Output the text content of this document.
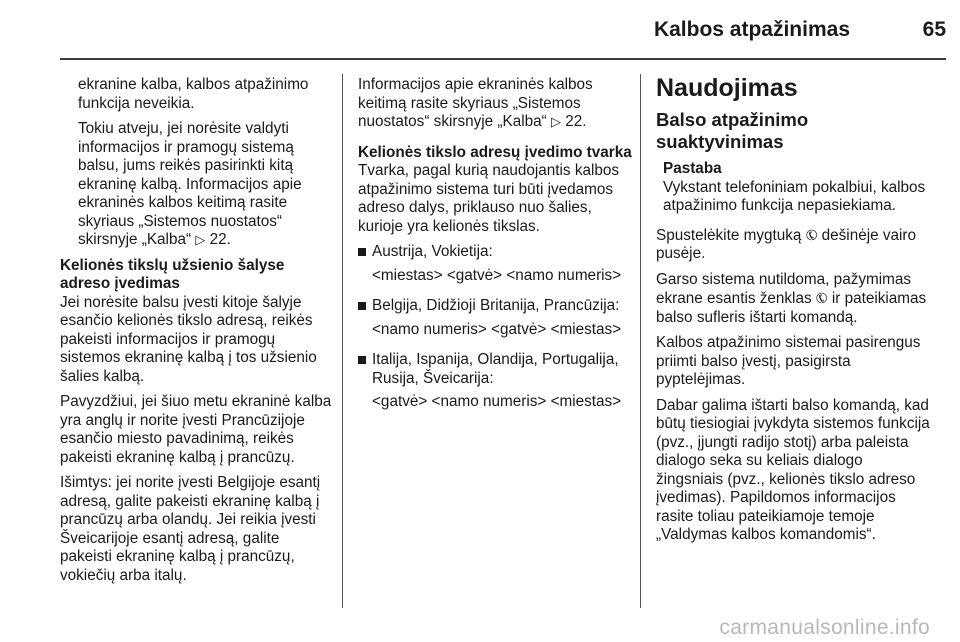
Kalbos atpažinimas	65

ekranine kalba, kalbos atpažinimo funkcija neveikia.

Tokiu atveju, jei norėsite valdyti informacijos ir pramogų sistemą balsu, jums reikės pasirinkti kitą ekraninę kalbą. Informacijos apie ekraninės kalbos keitimą rasite skyriaus „Sistemos nuostatos“ skirsnyje „Kalba“ ▷ 22.

Kelionės tikslų užsienio šalyse adreso įvedimas

Jei norėsite balsu įvesti kitoje šalyje esančio kelionės tikslo adresą, reikės pakeisti informacijos ir pramogų sistemos ekraninę kalbą į tos užsienio šalies kalbą.

Pavyzdžiui, jei šiuo metu ekraninė kalba yra anglų ir norite įvesti Prancūzijoje esančio miesto pavadinimą, reikės pakeisti ekraninę kalbą į prancūzų.

Išimtys: jei norite įvesti Belgijoje esantį adresą, galite pakeisti ekraninę kalbą į prancūzų arba olandų. Jei reikia įvesti Šveicarijoje esantį adresą, galite pakeisti ekraninę kalbą į prancūzų, vokiečių arba italų.

Informacijos apie ekraninės kalbos keitimą rasite skyriaus „Sistemos nuostatos“ skirsnyje „Kalba“ ▷ 22.

Kelionės tikslo adresų įvedimo tvarka

Tvarka, pagal kurią naudojantis kalbos atpažinimo sistema turi būti įvedamos adreso dalys, priklauso nuo šalies, kurioje yra kelionės tikslas.

Austrija, Vokietija:

<miestas> <gatvė> <namo numeris>

Belgija, Didžioji Britanija, Prancūzija:

<namo numeris> <gatvė> <miestas>

Italija, Ispanija, Olandija, Portugalija, Rusija, Šveicarija:

<gatvė> <namo numeris> <miestas>

Naudojimas

Balso atpažinimo suaktyvinimas

Pastaba

Vykstant telefoniniam pokalbiui, kalbos atpažinimo funkcija nepasiekiama.

Spustelėkite mygtuką ✆ dešinėje vairo pusėje.

Garso sistema nutildoma, pažymimas ekrane esantis ženklas ✆ ir pateikiamas balso sufleris ištarti komandą.

Kalbos atpažinimo sistemai pasirengus priimti balso įvestį, pasigirsta pyptelėjimas.

Dabar galima ištarti balso komandą, kad būtų tiesiogiai įvykdyta sistemos funkcija (pvz., įjungti radijo stotį) arba paleista dialogo seka su keliais dialogo žingsniais (pvz., kelionės tikslo adreso įvedimas). Papildomos informacijos rasite toliau pateikiamoje temoje „Valdymas kalbos komandomis“.

carmanualsonline.info
